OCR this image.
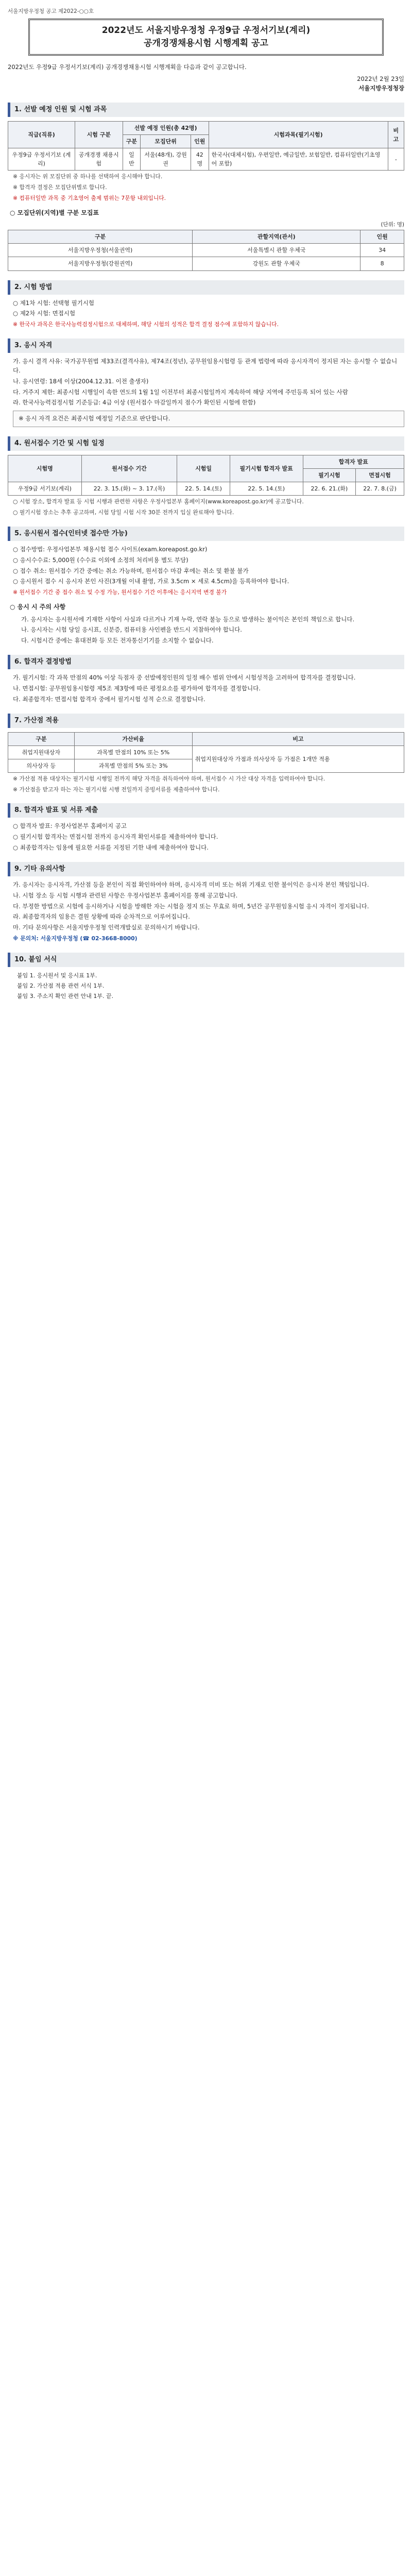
서울지방우정청 공고 제2022-○○호
2022년도 서울지방우정청 우정9급 우정서기보(계리)
공개경쟁채용시험 시행계획 공고

2022년도 우정9급 우정서기보(계리) 공개경쟁채용시험 시행계획을 다음과 같이 공고합니다.

2022년 2월 23일

서울지방우정청장

1. 선발 예정 인원 및 시험 과목
직급(직류)	시험 구분	선발 예정 인원(총 42명)			시험과목(필기시험)	비고
		구분	모집단위	인원		
우정9급 우정서기보 (계리)	공개경쟁 채용시험	일 반	서울(48개), 강원권	42명	한국사(대체시험), 우편일반, 예금일반, 보험일반, 컴퓨터일반(기초영어 포함)	-
※ 응시자는 위 모집단위 중 하나를 선택하여 응시해야 합니다.
※ 합격자 결정은 모집단위별로 합니다.
※ 컴퓨터일반 과목 중 기초영어 출제 범위는 7문항 내외입니다.
○ 모집단위(지역)별 구분 모집표
(단위: 명)
구분	관할지역(관서)	인원
서울지방우정청(서울권역)	서울특별시 관할 우체국	34
서울지방우정청(강원권역)	강원도 관할 우체국	8
2. 시험 방법
○ 제1차 시험: 선택형 필기시험
○ 제2차 시험: 면접시험
※ 한국사 과목은 한국사능력검정시험으로 대체하며, 해당 시험의 성적은 합격 결정 점수에 포함하지 않습니다.
3. 응시 자격
가. 응시 결격 사유: 국가공무원법 제33조(결격사유), 제74조(정년), 공무원임용시험령 등 관계 법령에 따라 응시자격이 정지된 자는 응시할 수 없습니다.
나. 응시연령: 18세 이상(2004.12.31. 이전 출생자)
다. 거주지 제한: 최종시험 시행일이 속한 연도의 1월 1일 이전부터 최종시험일까지 계속하여 해당 지역에 주민등록 되어 있는 사람
라. 한국사능력검정시험 기준등급: 4급 이상 (원서접수 마감일까지 점수가 확인된 시험에 한함)
※ 응시 자격 요건은 최종시험 예정일 기준으로 판단합니다.
4. 원서접수 기간 및 시험 일정
시험명	원서접수 기간	시험일	필기시험 합격자 발표	합격자 발표	
				필기시험	면접시험
우정9급 서기보(계리)	22. 3. 15.(화) ~ 3. 17.(목)	22. 5. 14.(토)	22. 5. 14.(토)	22. 6. 21.(화)	22. 7. 8.(금)
○ 시험 장소, 합격자 발표 등 시험 시행과 관련한 사항은 우정사업본부 홈페이지(www.koreapost.go.kr)에 공고합니다.
○ 필기시험 장소는 추후 공고하며, 시험 당일 시험 시작 30분 전까지 입실 완료해야 합니다.
5. 응시원서 접수(인터넷 접수만 가능)
○ 접수방법: 우정사업본부 채용시험 접수 사이트(exam.koreapost.go.kr)
○ 응시수수료: 5,000원 (수수료 이외에 소정의 처리비용 별도 부담)
○ 접수 취소: 원서접수 기간 중에는 취소 가능하며, 원서접수 마감 후에는 취소 및 환불 불가
○ 응시원서 접수 시 응시자 본인 사진(3개월 이내 촬영, 가로 3.5cm × 세로 4.5cm)을 등록하여야 합니다.
※ 원서접수 기간 중 접수 취소 및 수정 가능, 원서접수 기간 이후에는 응시지역 변경 불가
○ 응시 시 주의 사항
가. 응시자는 응시원서에 기재한 사항이 사실과 다르거나 기재 누락, 연락 불능 등으로 발생하는 불이익은 본인의 책임으로 합니다.
나. 응시자는 시험 당일 응시표, 신분증, 컴퓨터용 사인펜을 반드시 지참하여야 합니다.
다. 시험시간 중에는 휴대전화 등 모든 전자통신기기를 소지할 수 없습니다.
6. 합격자 결정방법
가. 필기시험: 각 과목 만점의 40% 이상 득점자 중 선발예정인원의 일정 배수 범위 안에서 시험성적을 고려하여 합격자를 결정합니다.
나. 면접시험: 공무원임용시험령 제5조 제3항에 따른 평정요소를 평가하여 합격자를 결정합니다.
다. 최종합격자: 면접시험 합격자 중에서 필기시험 성적 순으로 결정합니다.
7. 가산점 적용
구분	가산비율	비고
취업지원대상자	과목별 만점의 10% 또는 5%	취업지원대상자 가점과 의사상자 등 가점은 1개만 적용
의사상자 등	과목별 만점의 5% 또는 3%	
※ 가산점 적용 대상자는 필기시험 시행일 전까지 해당 자격을 취득하여야 하며, 원서접수 시 가산 대상 자격을 입력하여야 합니다.
※ 가산점을 받고자 하는 자는 필기시험 시행 전일까지 증빙서류를 제출하여야 합니다.
8. 합격자 발표 및 서류 제출
○ 합격자 발표: 우정사업본부 홈페이지 공고
○ 필기시험 합격자는 면접시험 전까지 응시자격 확인서류를 제출하여야 합니다.
○ 최종합격자는 임용에 필요한 서류를 지정된 기한 내에 제출하여야 합니다.
9. 기타 유의사항
가. 응시자는 응시자격, 가산점 등을 본인이 직접 확인하여야 하며, 응시자격 미비 또는 허위 기재로 인한 불이익은 응시자 본인 책임입니다.
나. 시험 장소 등 시험 시행과 관련된 사항은 우정사업본부 홈페이지를 통해 공고합니다.
다. 부정한 방법으로 시험에 응시하거나 시험을 방해한 자는 시험을 정지 또는 무효로 하며, 5년간 공무원임용시험 응시 자격이 정지됩니다.
라. 최종합격자의 임용은 결원 상황에 따라 순차적으로 이루어집니다.
마. 기타 문의사항은 서울지방우정청 인력개발실로 문의하시기 바랍니다.
※ 문의처: 서울지방우정청 (☎ 02-3668-8000)
10. 붙임 서식
붙임 1. 응시원서 및 응시표 1부.
붙임 2. 가산점 적용 관련 서식 1부.
붙임 3. 주소지 확인 관련 안내 1부. 끝.
